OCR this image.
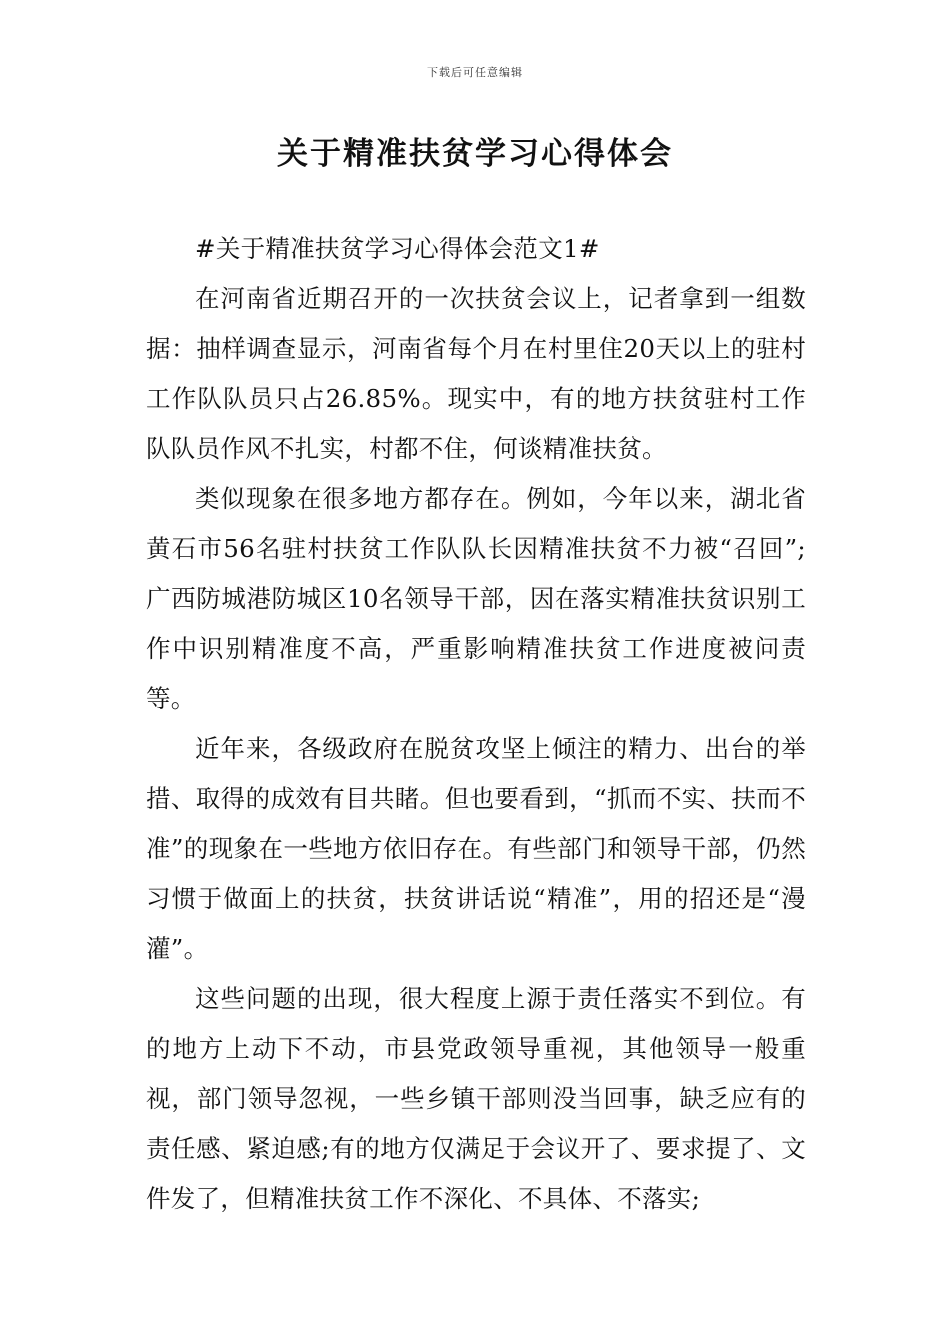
下载后可任意编辑
关于精准扶贫学习心得体会

#关于精准扶贫学习心得体会范文1#

在河南省近期召开的一次扶贫会议上，记者拿到一组数据：抽样调查显示，河南省每个月在村里住20天以上的驻村工作队队员只占26.85%。现实中，有的地方扶贫驻村工作队队员作风不扎实，村都不住，何谈精准扶贫。

类似现象在很多地方都存在。例如，今年以来，湖北省黄石市56名驻村扶贫工作队队长因精准扶贫不力被“召回”;广西防城港防城区10名领导干部，因在落实精准扶贫识别工作中识别精准度不高，严重影响精准扶贫工作进度被问责等。

近年来，各级政府在脱贫攻坚上倾注的精力、出台的举措、取得的成效有目共睹。但也要看到，“抓而不实、扶而不准”的现象在一些地方依旧存在。有些部门和领导干部，仍然习惯于做面上的扶贫，扶贫讲话说“精准”，用的招还是“漫灌”。

这些问题的出现，很大程度上源于责任落实不到位。有的地方上动下不动，市县党政领导重视，其他领导一般重视，部门领导忽视，一些乡镇干部则没当回事，缺乏应有的责任感、紧迫感;有的地方仅满足于会议开了、要求提了、文件发了，但精准扶贫工作不深化、不具体、不落实;
